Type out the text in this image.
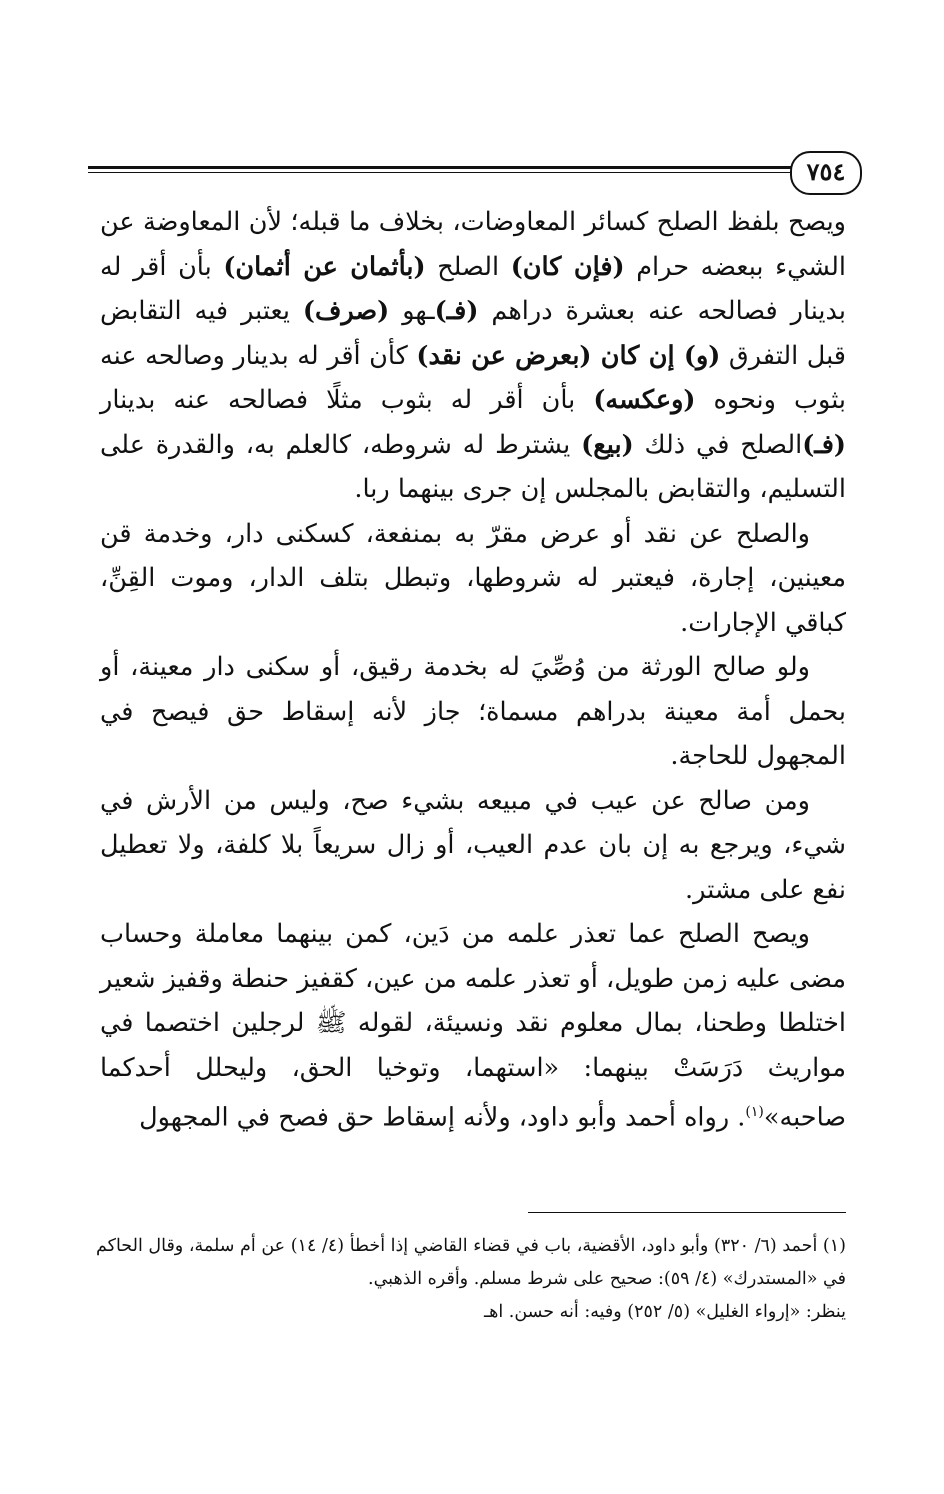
٧٥٤

ويصح بلفظ الصلح كسائر المعاوضات، بخلاف ما قبله؛ لأن المعاوضة عن الشيء ببعضه حرام (فإن كان) الصلح (بأثمان عن أثمان) بأن أقر له بدينار فصالحه عنه بعشرة دراهم (فـ)ـهو (صرف) يعتبر فيه التقابض قبل التفرق (و) إن كان (بعرض عن نقد) كأن أقر له بدينار وصالحه عنه بثوب ونحوه (وعكسه) بأن أقر له بثوب مثلًا فصالحه عنه بدينار (فـ)الصلح في ذلك (بيع) يشترط له شروطه، كالعلم به، والقدرة على التسليم، والتقابض بالمجلس إن جرى بينهما ربا.

والصلح عن نقد أو عرض مقرّ به بمنفعة، كسكنى دار، وخدمة قن معينين، إجارة، فيعتبر له شروطها، وتبطل بتلف الدار، وموت القِنِّ، كباقي الإجارات.

ولو صالح الورثة من وُصِّيَ له بخدمة رقيق، أو سكنى دار معينة، أو بحمل أمة معينة بدراهم مسماة؛ جاز لأنه إسقاط حق فيصح في المجهول للحاجة.

ومن صالح عن عيب في مبيعه بشيء صح، وليس من الأرش في شيء، ويرجع به إن بان عدم العيب، أو زال سريعاً بلا كلفة، ولا تعطيل نفع على مشتر.

ويصح الصلح عما تعذر علمه من دَين، كمن بينهما معاملة وحساب مضى عليه زمن طويل، أو تعذر علمه من عين، كقفيز حنطة وقفيز شعير اختلطا وطحنا، بمال معلوم نقد ونسيئة، لقوله ﷺ لرجلين اختصما في مواريث دَرَسَتْ بينهما: «استهما، وتوخيا الحق، وليحلل أحدكما صاحبه»$^{(١)}$. رواه أحمد وأبو داود، ولأنه إسقاط حق فصح في المجهول

(١) أحمد (٦/ ٣٢٠) وأبو داود، الأقضية، باب في قضاء القاضي إذا أخطأ (٤/ ١٤) عن أم سلمة، وقال الحاكم في «المستدرك» (٤/ ٥٩): صحيح على شرط مسلم. وأقره الذهبي.

ينظر: «إرواء الغليل» (٥/ ٢٥٢) وفيه: أنه حسن. اهـ
